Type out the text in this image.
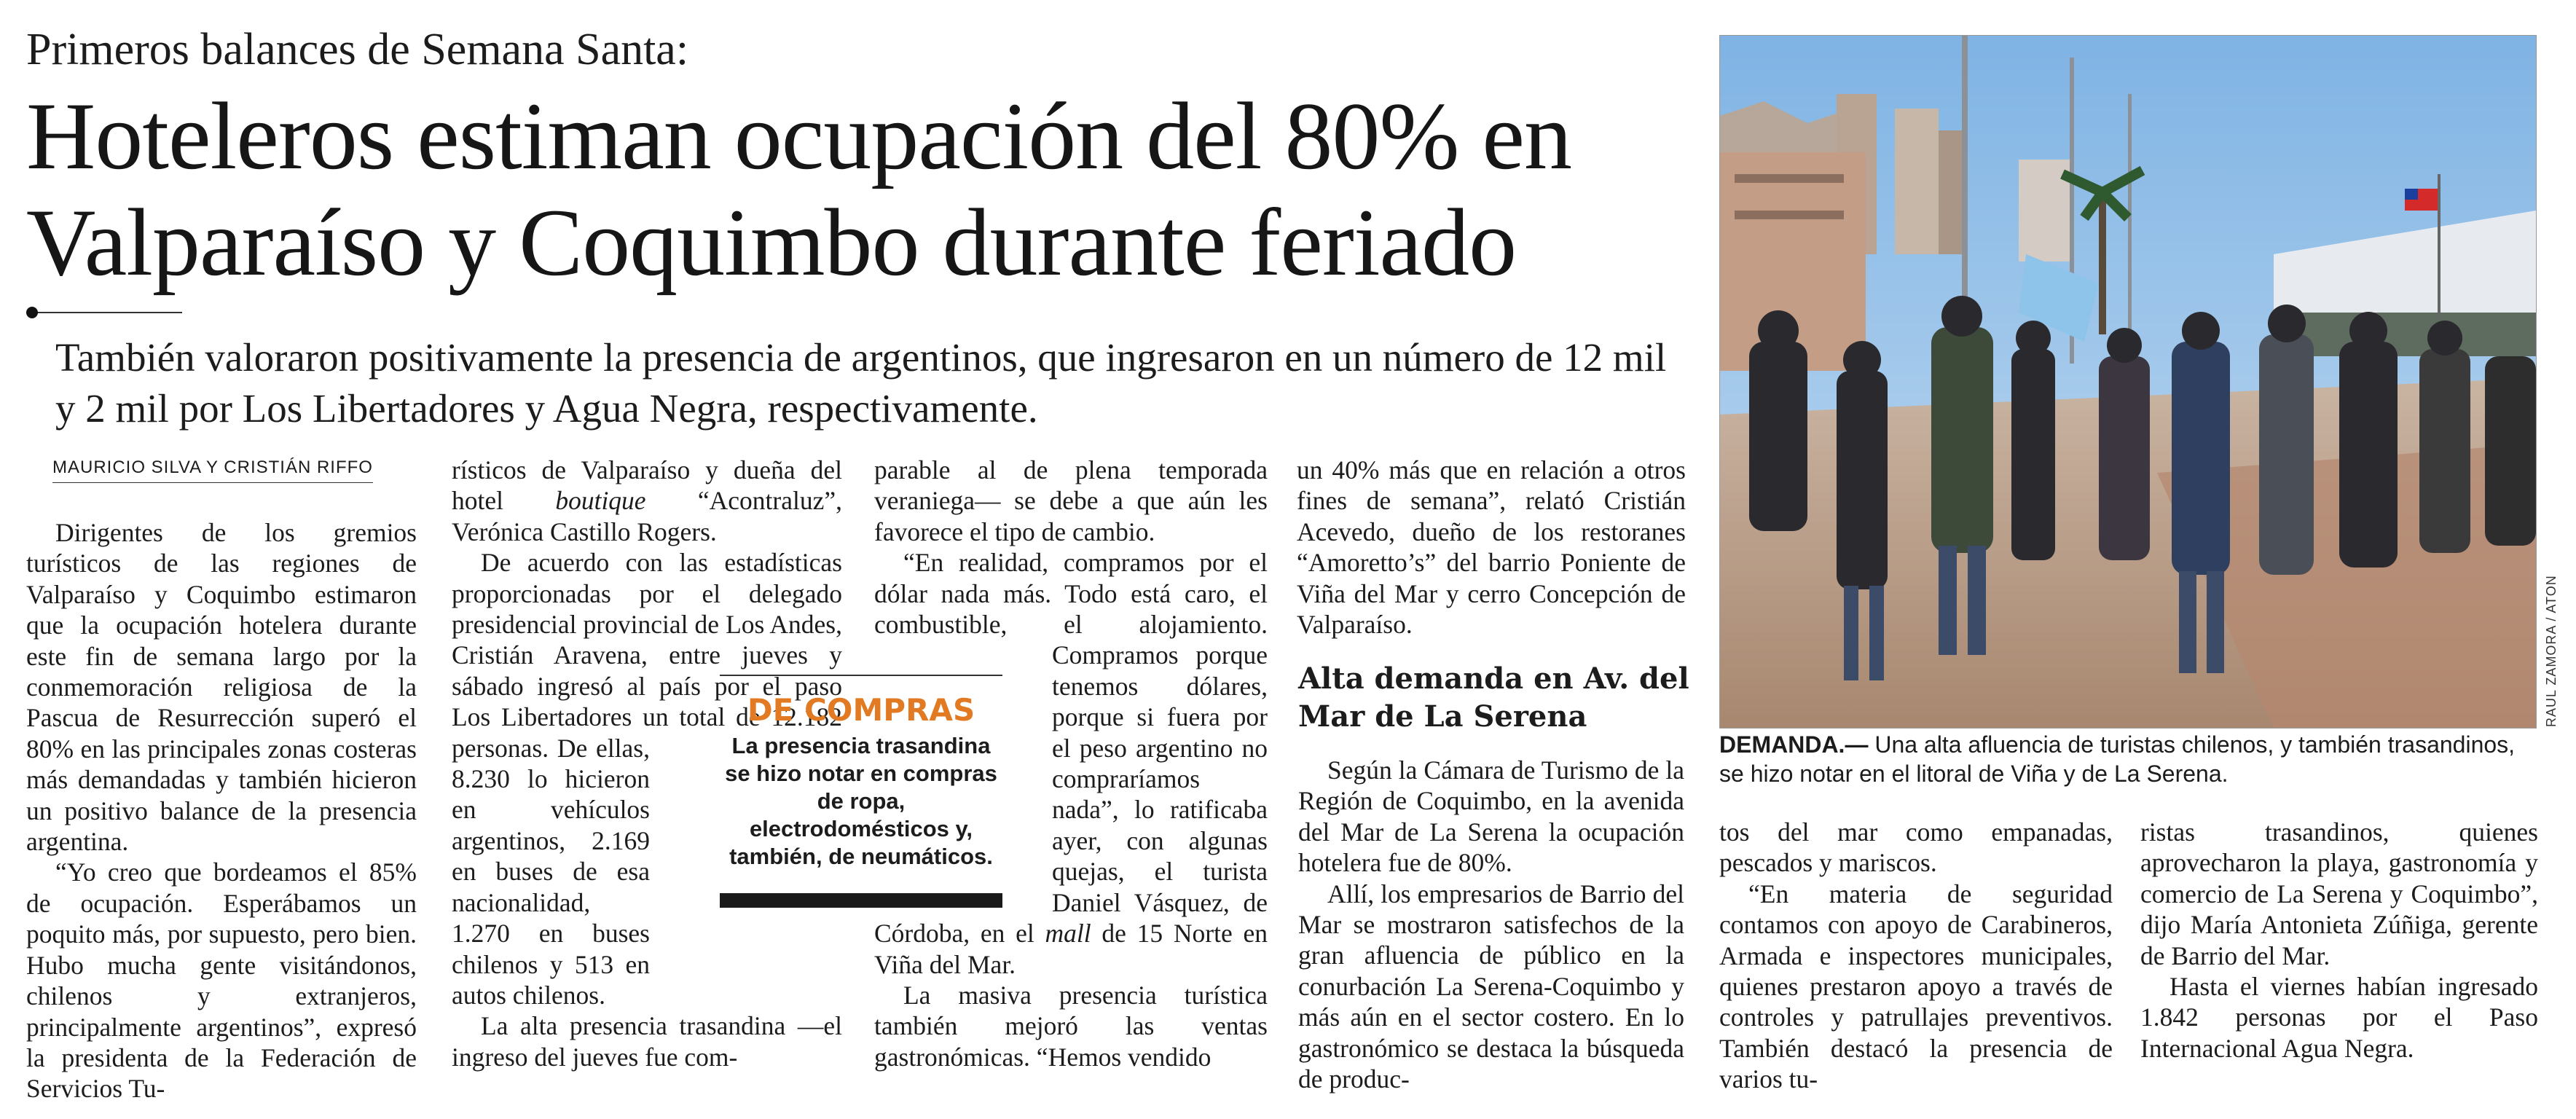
Primeros balances de Semana Santa:
Hoteleros estiman ocupación del 80% en Valparaíso y Coquimbo durante feriado

También valoraron positivamente la presencia de argentinos, que ingresaron en un número de 12 mil y 2 mil por Los Libertadores y Agua Negra, respectivamente.

MAURICIO SILVA Y CRISTIÁN RIFFO

Dirigentes de los gremios turísticos de las regiones de Valparaíso y Coquimbo estimaron que la ocupación hotelera durante este fin de semana largo por la conmemoración religiosa de la Pascua de Resurrección superó el 80% en las principales zonas costeras más demandadas y también hicieron un positivo balance de la presencia argentina.

“Yo creo que bordeamos el 85% de ocupación. Esperábamos un poquito más, por supuesto, pero bien. Hubo mucha gente visitándonos, chilenos y extranjeros, principalmente argentinos”, expresó la presidenta de la Federación de Servicios Tu-

rísticos de Valparaíso y dueña del hotel boutique “Acontraluz”, Verónica Castillo Rogers.

De acuerdo con las estadísticas proporcionadas por el delegado presidencial provincial de Los Andes, Cristián Aravena, entre jueves y sábado ingresó al país por el paso Los Libertadores un total de 12.182 personas. De ellas, 8.230 lo hicieron en vehículos argentinos, 2.169 en buses de esa nacionalidad, 1.270 en buses chilenos y 513 en autos chilenos.

La alta presencia trasandina —el ingreso del jueves fue com-

parable al de plena temporada veraniega— se debe a que aún les favorece el tipo de cambio.

“En realidad, compramos por el dólar nada más. Todo está caro, el combustible, el alojamiento. Compramos porque tenemos dólares, porque si fuera por el peso argentino no compraríamos nada”, lo ratificaba ayer, con algunas quejas, el turista Daniel Vásquez, de Córdoba, en el mall de 15 Norte en Viña del Mar.

La masiva presencia turística también mejoró las ventas gastronómicas. “Hemos vendido

un 40% más que en relación a otros fines de semana”, relató Cristián Acevedo, dueño de los restoranes “Amoretto’s” del barrio Poniente de Viña del Mar y cerro Concepción de Valparaíso.

Alta demanda en Av. del Mar de La Serena

Según la Cámara de Turismo de la Región de Coquimbo, en la avenida del Mar de La Serena la ocupación hotelera fue de 80%.

Allí, los empresarios de Barrio del Mar se mostraron satisfechos de la gran afluencia de público en la conurbación La Serena-Coquimbo y más aún en el sector costero. En lo gastronómico se destaca la búsqueda de produc-

tos del mar como empanadas, pescados y mariscos.

“En materia de seguridad contamos con apoyo de Carabineros, Armada e inspectores municipales, quienes prestaron apoyo a través de controles y patrullajes preventivos. También destacó la presencia de varios tu-

ristas trasandinos, quienes aprovecharon la playa, gastronomía y comercio de La Serena y Coquimbo”, dijo María Antonieta Zúñiga, gerente de Barrio del Mar.

Hasta el viernes habían ingresado 1.842 personas por el Paso Internacional Agua Negra.

DE COMPRAS
La presencia trasandina se hizo notar en compras de ropa, electrodomésticos y, también, de neumáticos.
RAUL ZAMORA / ATON
DEMANDA.— Una alta afluencia de turistas chilenos, y también trasandinos, se hizo notar en el litoral de Viña y de La Serena.
